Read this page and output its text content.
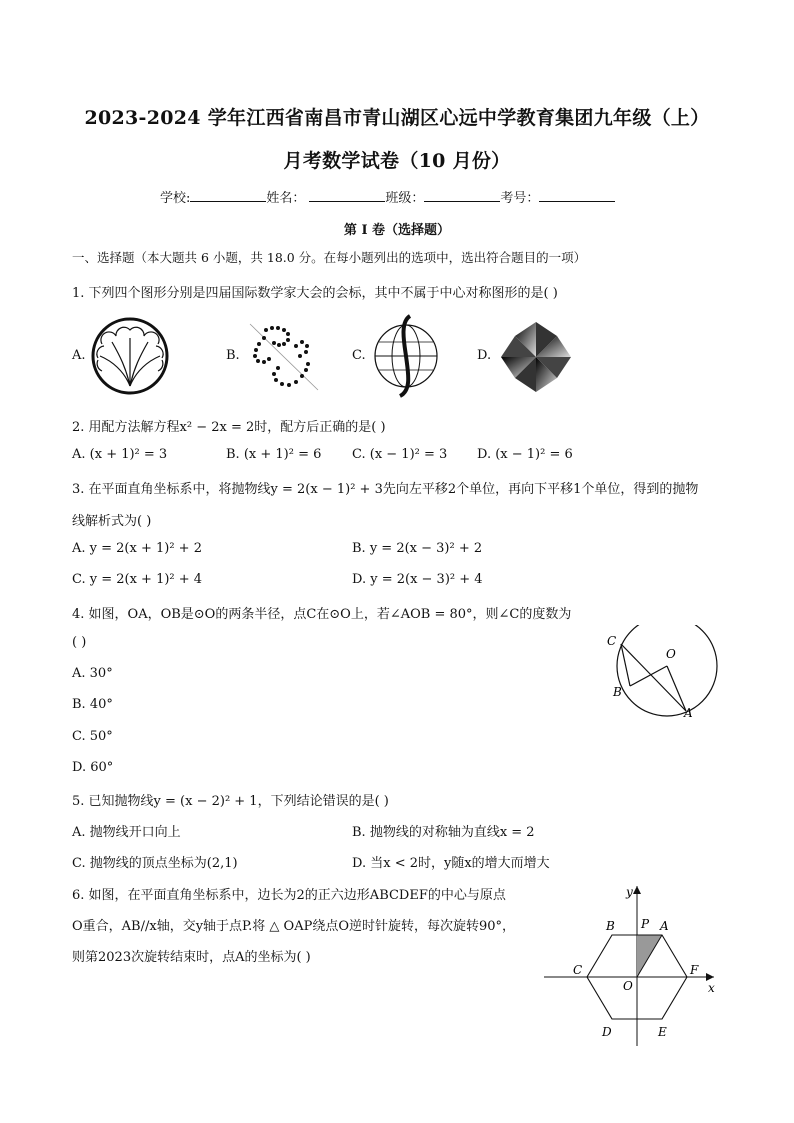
2023-2024 学年江西省南昌市青山湖区心远中学教育集团九年级（上）
月考数学试卷（10 月份）
学校:	姓名：	班级：	考号：
第 I 卷（选择题）
一、选择题（本大题共 6 小题，共 18.0 分。在每小题列出的选项中，选出符合题目的一项）
1. 下列四个图形分别是四届国际数学家大会的会标，其中不属于中心对称图形的是( )
A.	B.	C.	D.
2. 用配方法解方程x² − 2x = 2时，配方后正确的是( )
A. (x + 1)² = 3	B. (x + 1)² = 6 C. (x − 1)² = 3 D. (x − 1)² = 6
3. 在平面直角坐标系中，将抛物线y = 2(x − 1)² + 3先向左平移2个单位，再向下平移1个单位，得到的抛物
线解析式为( )
A. y = 2(x + 1)² + 2	B. y = 2(x − 3)² + 2
C. y = 2(x + 1)² + 4	D. y = 2(x − 3)² + 4
4. 如图，OA，OB是⊙O的两条半径，点C在⊙O上，若∠AOB = 80°，则∠C的度数为
( )
A. 30°
B. 40°
C. 50°
D. 60°
C
O
B
A
5. 已知抛物线y = (x − 2)² + 1，下列结论错误的是( )
A. 抛物线开口向上	B. 抛物线的对称轴为直线x = 2
C. 抛物线的顶点坐标为(2,1)	D. 当x < 2时，y随x的增大而增大
6. 如图，在平面直角坐标系中，边长为2的正六边形ABCDEF的中心与原点
O重合，AB//x轴，交y轴于点P.将 △ OAP绕点O逆时针旋转，每次旋转90°，
则第2023次旋转结束时，点A的坐标为( )
y
x
B P A
C	F
O
D	E
